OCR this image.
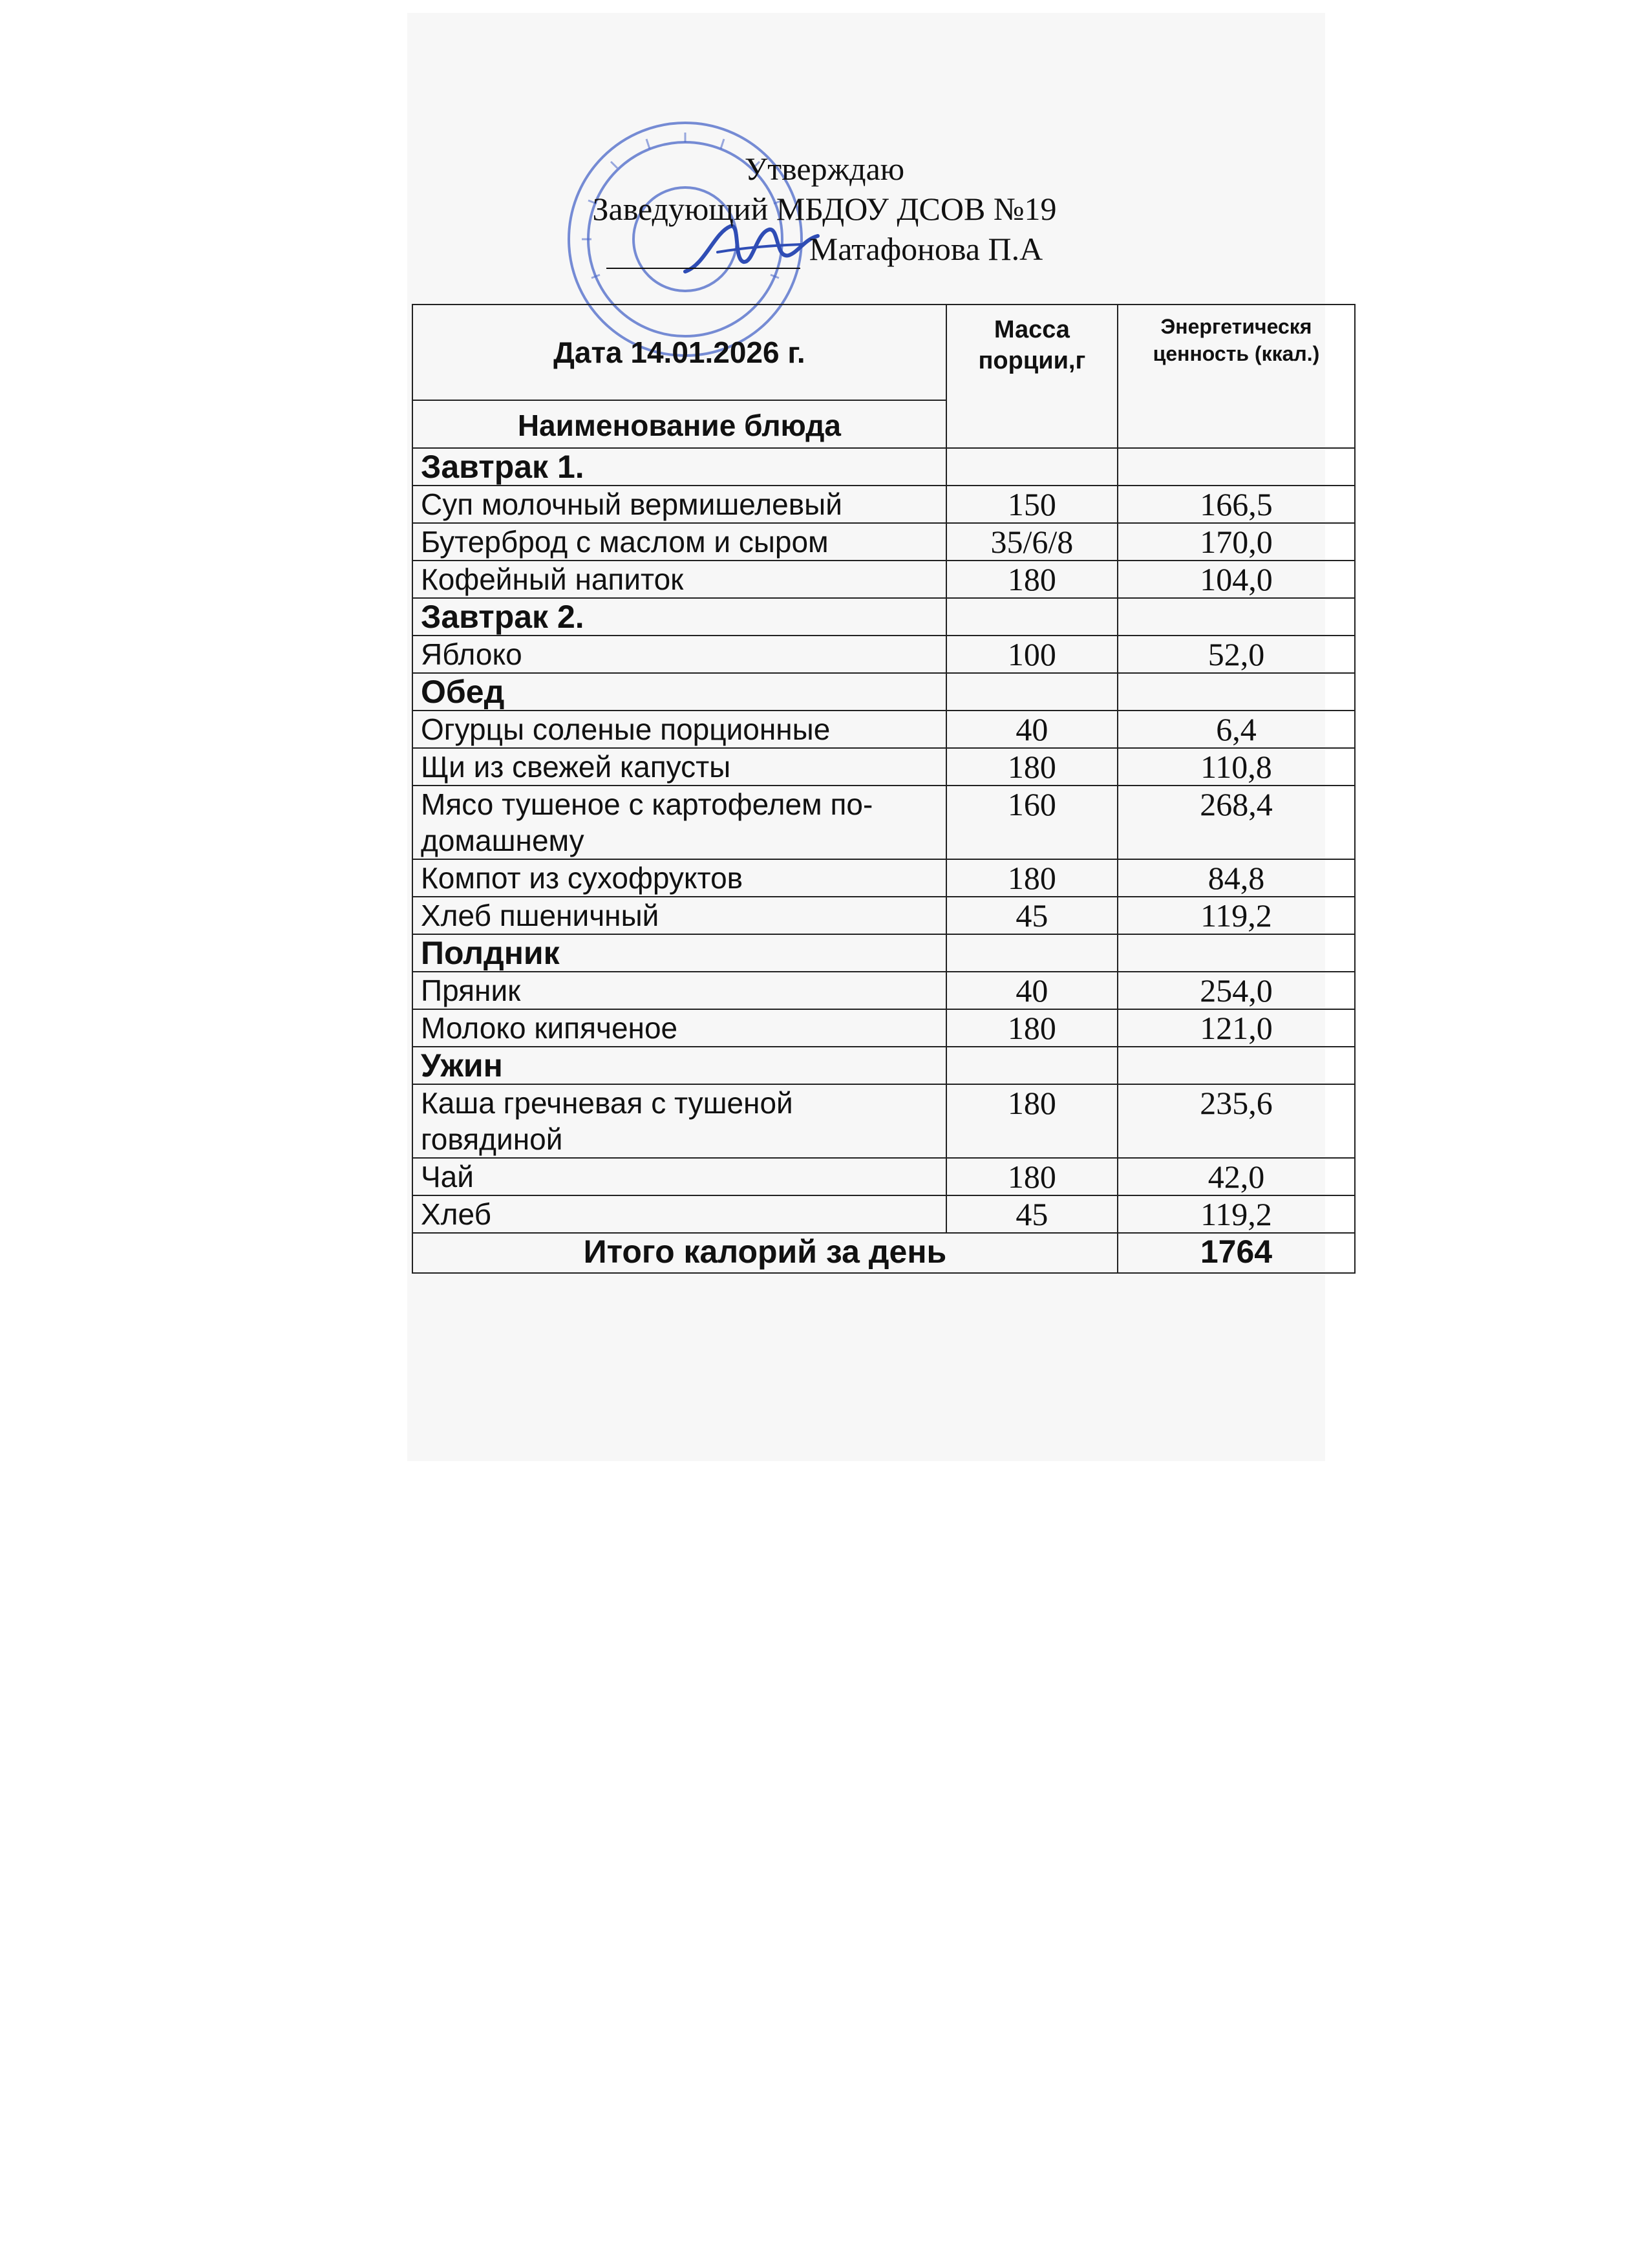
Утверждаю
Заведующий МБДОУ ДСОВ №19
Матафонова П.А
Дата 14.01.2026 г.	Масса порции,г	Энергетическя ценность (ккал.)
Наименование блюда		
Завтрак 1.		
Суп молочный вермишелевый	150	166,5
Бутерброд с маслом и сыром	35/6/8	170,0
Кофейный напиток	180	104,0
Завтрак 2.		
Яблоко	100	52,0
Обед		
Огурцы соленые порционные	40	6,4
Щи из свежей капусты	180	110,8
Мясо тушеное с картофелем по-домашнему	160	268,4
Компот из сухофруктов	180	84,8
Хлеб пшеничный	45	119,2
Полдник		
Пряник	40	254,0
Молоко кипяченое	180	121,0
Ужин		
Каша гречневая с тушеной говядиной	180	235,6
Чай	180	42,0
Хлеб	45	119,2
Итого калорий за день		1764
